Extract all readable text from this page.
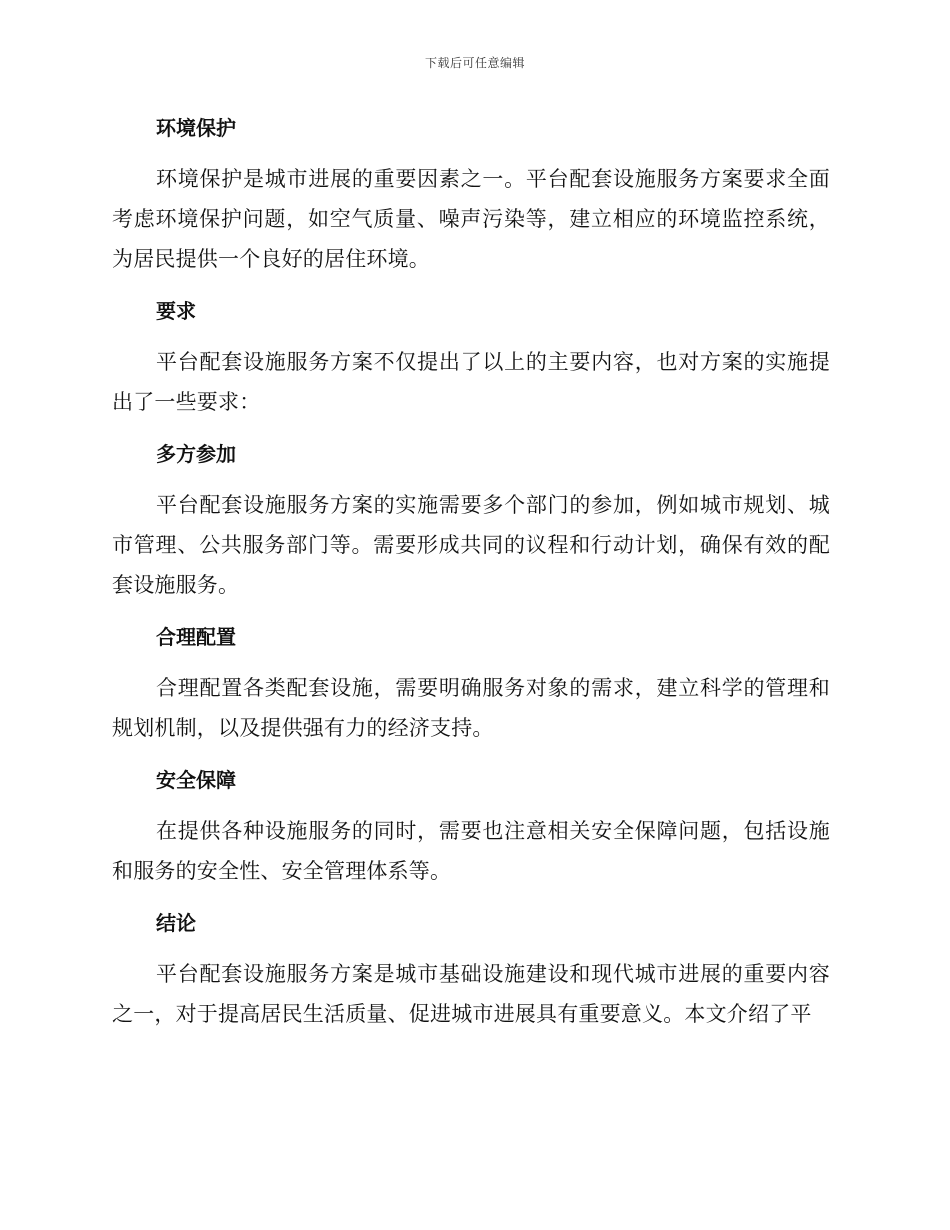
下载后可任意编辑
环境保护

环境保护是城市进展的重要因素之一。平台配套设施服务方案要求全面考虑环境保护问题，如空气质量、噪声污染等，建立相应的环境监控系统，为居民提供一个良好的居住环境。

要求

平台配套设施服务方案不仅提出了以上的主要内容，也对方案的实施提出了一些要求：

多方参加

平台配套设施服务方案的实施需要多个部门的参加，例如城市规划、城市管理、公共服务部门等。需要形成共同的议程和行动计划，确保有效的配套设施服务。

合理配置

合理配置各类配套设施，需要明确服务对象的需求，建立科学的管理和规划机制，以及提供强有力的经济支持。

安全保障

在提供各种设施服务的同时，需要也注意相关安全保障问题，包括设施和服务的安全性、安全管理体系等。

结论

平台配套设施服务方案是城市基础设施建设和现代城市进展的重要内容之一，对于提高居民生活质量、促进城市进展具有重要意义。本文介绍了平
